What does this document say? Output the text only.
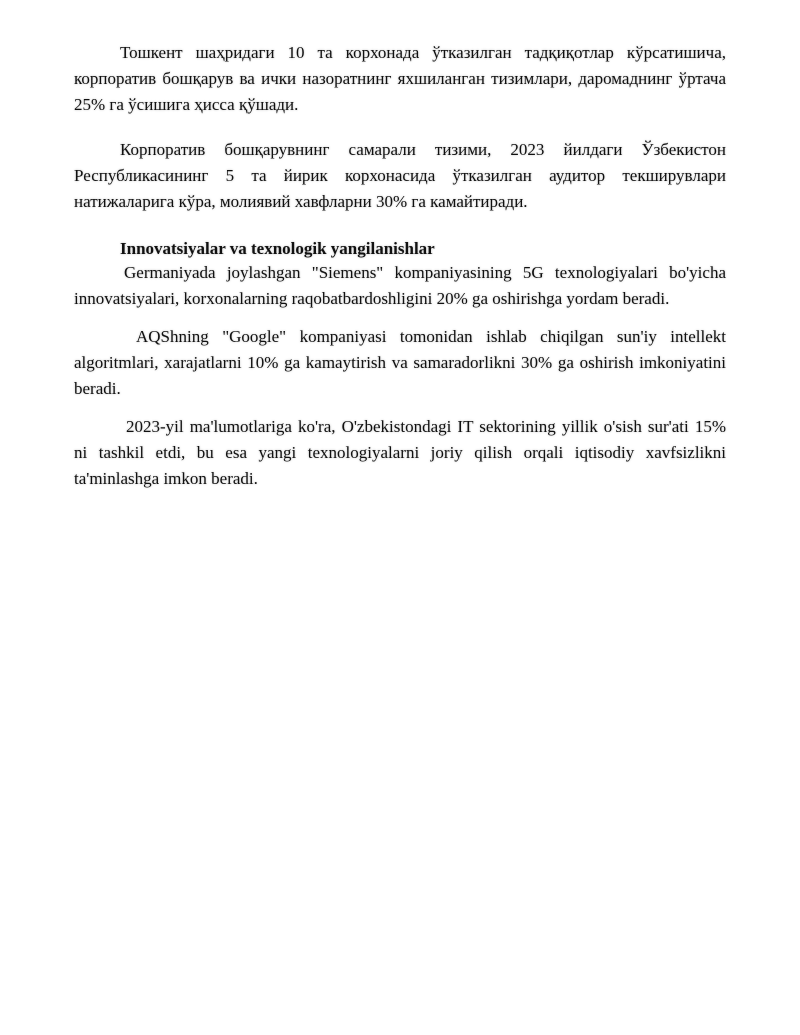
Тошкент шаҳридаги 10 та корхонада ўтказилган тадқиқотлар кўрсатишича, корпоратив бошқарув ва ички назоратнинг яхшиланган тизимлари, даромаднинг ўртача 25% га ўсишига ҳисса қўшади.

Корпоратив бошқарувнинг самарали тизими, 2023 йилдаги Ўзбекистон Республикасининг 5 та йирик корхонасида ўтказилган аудитор текширувлари натижаларига кўра, молиявий хавфларни 30% га камайтиради.

Innovatsiyalar va texnologik yangilanishlar

Germaniyada joylashgan "Siemens" kompaniyasining 5G texnologiyalari bo'yicha innovatsiyalari, korxonalarning raqobatbardoshligini 20% ga oshirishga yordam beradi.

AQShning "Google" kompaniyasi tomonidan ishlab chiqilgan sun'iy intellekt algoritmlari, xarajatlarni 10% ga kamaytirish va samaradorlikni 30% ga oshirish imkoniyatini beradi.

2023-yil ma'lumotlariga ko'ra, O'zbekistondagi IT sektorining yillik o'sish sur'ati 15% ni tashkil etdi, bu esa yangi texnologiyalarni joriy qilish orqali iqtisodiy xavfsizlikni ta'minlashga imkon beradi.
